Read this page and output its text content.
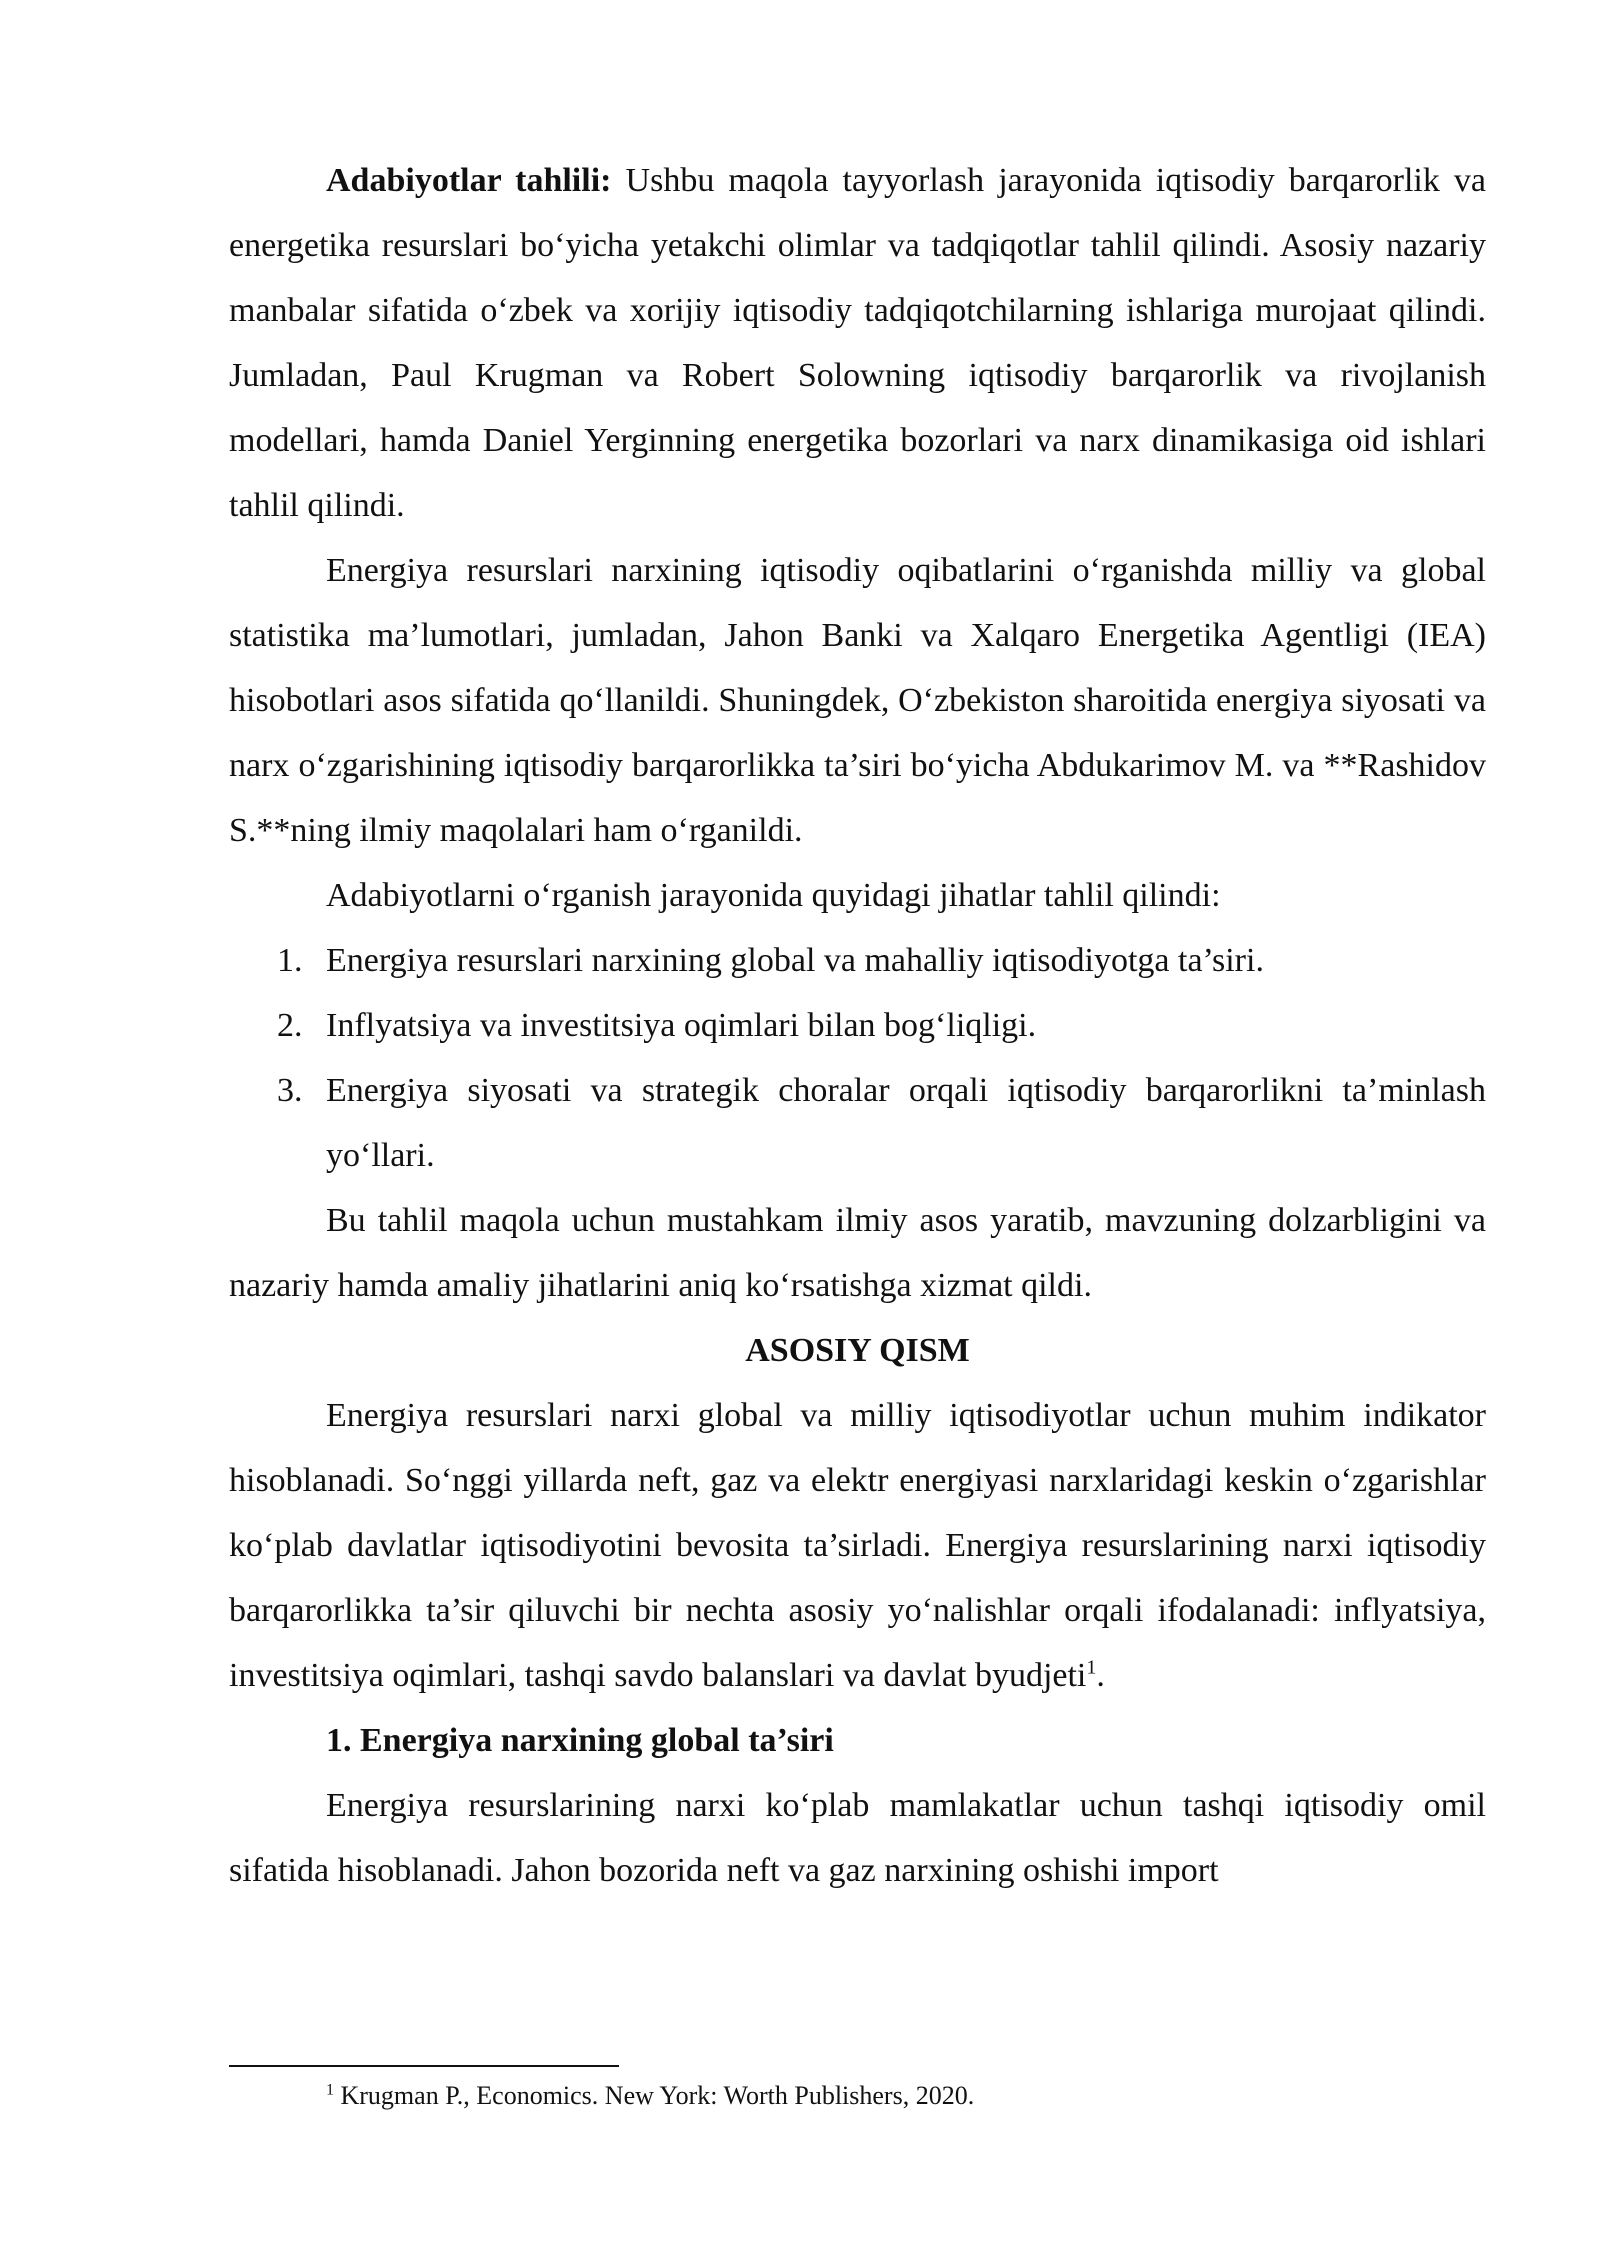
Adabiyotlar tahlili: Ushbu maqola tayyorlash jarayonida iqtisodiy barqarorlik va energetika resurslari bo‘yicha yetakchi olimlar va tadqiqotlar tahlil qilindi. Asosiy nazariy manbalar sifatida o‘zbek va xorijiy iqtisodiy tadqiqotchilarning ishlariga murojaat qilindi. Jumladan, Paul Krugman va Robert Solowning iqtisodiy barqarorlik va rivojlanish modellari, hamda Daniel Yerginning energetika bozorlari va narx dinamikasiga oid ishlari tahlil qilindi.

Energiya resurslari narxining iqtisodiy oqibatlarini o‘rganishda milliy va global statistika ma’lumotlari, jumladan, Jahon Banki va Xalqaro Energetika Agentligi (IEA) hisobotlari asos sifatida qo‘llanildi. Shuningdek, O‘zbekiston sharoitida energiya siyosati va narx o‘zgarishining iqtisodiy barqarorlikka ta’siri bo‘yicha Abdukarimov M. va **Rashidov S.**ning ilmiy maqolalari ham o‘rganildi.

Adabiyotlarni o‘rganish jarayonida quyidagi jihatlar tahlil qilindi:

1. Energiya resurslari narxining global va mahalliy iqtisodiyotga ta’siri.
2. Inflyatsiya va investitsiya oqimlari bilan bog‘liqligi.
3. Energiya siyosati va strategik choralar orqali iqtisodiy barqarorlikni ta’minlash yo‘llari.

Bu tahlil maqola uchun mustahkam ilmiy asos yaratib, mavzuning dolzarbligini va nazariy hamda amaliy jihatlarini aniq ko‘rsatishga xizmat qildi.

ASOSIY QISM

Energiya resurslari narxi global va milliy iqtisodiyotlar uchun muhim indikator hisoblanadi. So‘nggi yillarda neft, gaz va elektr energiyasi narxlaridagi keskin o‘zgarishlar ko‘plab davlatlar iqtisodiyotini bevosita ta’sirladi. Energiya resurslarining narxi iqtisodiy barqarorlikka ta’sir qiluvchi bir nechta asosiy yo‘nalishlar orqali ifodalanadi: inflyatsiya, investitsiya oqimlari, tashqi savdo balanslari va davlat byudjeti$^1$.

1. Energiya narxining global ta’siri

Energiya resurslarining narxi ko‘plab mamlakatlar uchun tashqi iqtisodiy omil sifatida hisoblanadi. Jahon bozorida neft va gaz narxining oshishi import

$^1$ Krugman P., Economics. New York: Worth Publishers, 2020.
